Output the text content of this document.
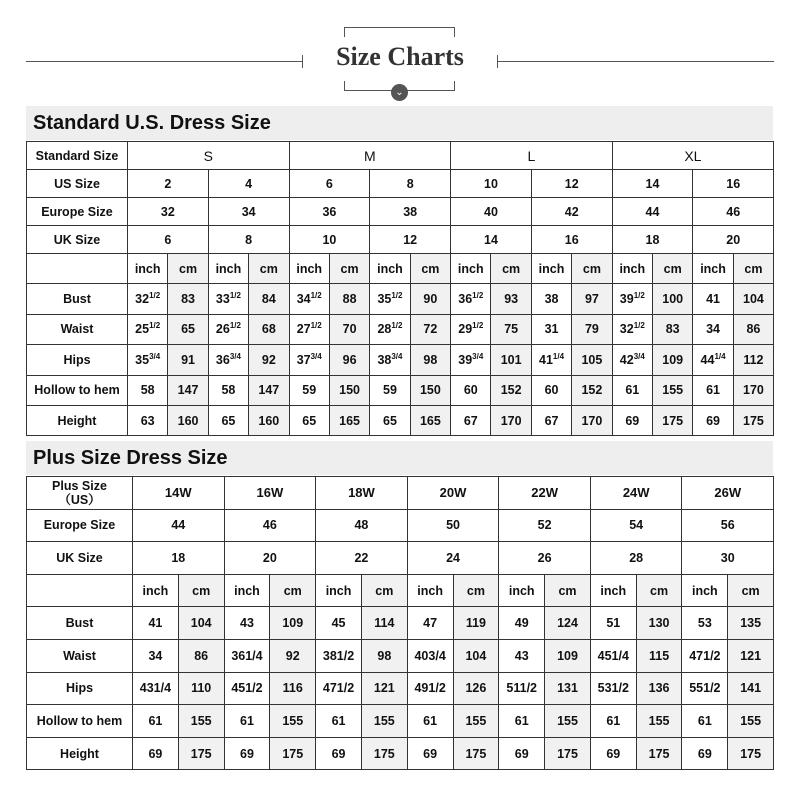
Size Charts
⌄
Standard U.S. Dress Size
Standard Size	S				M				L				XL			
US Size	2		4		6		8		10		12		14		16	
Europe Size	32		34		36		38		40		42		44		46	
UK Size	6		8		10		12		14		16		18		20	
	inch	cm	inch	cm	inch	cm	inch	cm	inch	cm	inch	cm	inch	cm	inch	cm
Bust	$32^{1/2}$	83	$33^{1/2}$	84	$34^{1/2}$	88	$35^{1/2}$	90	$36^{1/2}$	93	38	97	$39^{1/2}$	100	41	104
Waist	$25^{1/2}$	65	$26^{1/2}$	68	$27^{1/2}$	70	$28^{1/2}$	72	$29^{1/2}$	75	31	79	$32^{1/2}$	83	34	86
Hips	$35^{3/4}$	91	$36^{3/4}$	92	$37^{3/4}$	96	$38^{3/4}$	98	$39^{3/4}$	101	$41^{1/4}$	105	$42^{3/4}$	109	$44^{1/4}$	112
Hollow to hem	58	147	58	147	59	150	59	150	60	152	60	152	61	155	61	170
Height	63	160	65	160	65	165	65	165	67	170	67	170	69	175	69	175
Plus Size Dress Size
Plus Size
（US）	14W		16W		18W		20W		22W		24W		26W	
Europe Size	44		46		48		50		52		54		56	
UK Size	18		20		22		24		26		28		30	
	inch	cm	inch	cm	inch	cm	inch	cm	inch	cm	inch	cm	inch	cm
Bust	41	104	43	109	45	114	47	119	49	124	51	130	53	135
Waist	34	86	361/4	92	381/2	98	403/4	104	43	109	451/4	115	471/2	121
Hips	431/4	110	451/2	116	471/2	121	491/2	126	511/2	131	531/2	136	551/2	141
Hollow to hem	61	155	61	155	61	155	61	155	61	155	61	155	61	155
Height	69	175	69	175	69	175	69	175	69	175	69	175	69	175
